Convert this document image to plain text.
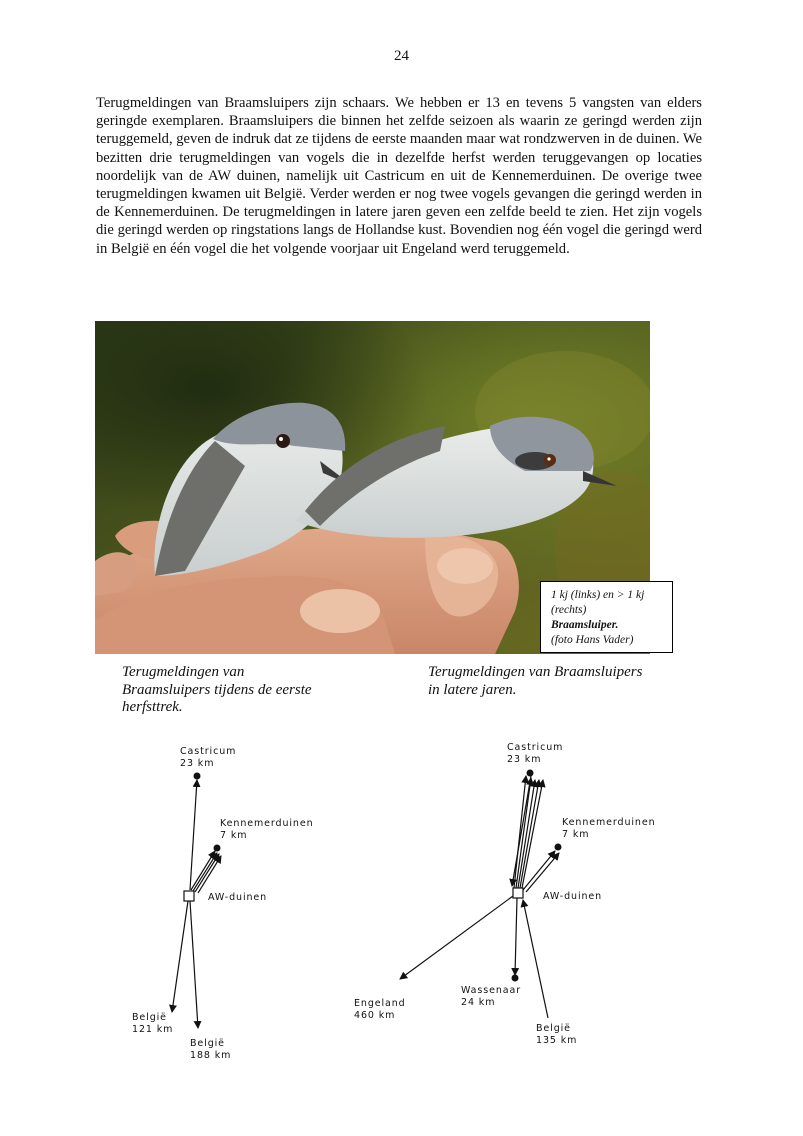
24

Terugmeldingen van Braamsluipers zijn schaars. We hebben er 13 en tevens 5 vangsten van elders geringde exemplaren. Braamsluipers die binnen het zelfde seizoen als waarin ze geringd werden zijn teruggemeld, geven de indruk dat ze tijdens de eerste maanden maar wat rondzwerven in de duinen. We bezitten drie terugmeldingen van vogels die in dezelfde herfst werden teruggevangen op locaties noordelijk van de AW duinen, namelijk uit Castricum en uit de Kennemerduinen. De overige twee terugmeldingen kwamen uit België. Verder werden er nog twee vogels gevangen die geringd werden in de Kennemerduinen. De terugmeldingen in latere jaren geven een zelfde beeld te zien. Het zijn vogels die geringd werden op ringstations langs de Hollandse kust. Bovendien nog één vogel die geringd werd in België en één vogel die het volgende voorjaar uit Engeland werd teruggemeld.

1 kj (links) en > 1 kj
(rechts)
Braamsluiper.
(foto Hans Vader)

Terugmeldingen van Braamsluipers tijdens de eerste herfsttrek.

Terugmeldingen van Braamsluipers in latere jaren.

Castricum
23 km
Kennemerduinen
7 km
AW-duinen
België
121 km
België
188 km
Castricum
23 km
Kennemerduinen
7 km
AW-duinen
Engeland
460 km
Wassenaar
24 km
België
135 km
